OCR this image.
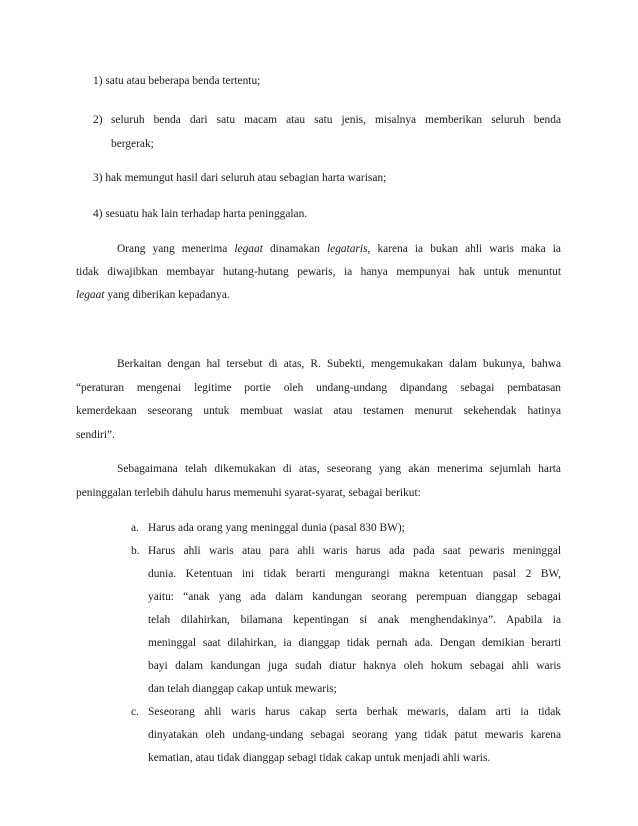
1) satu atau beberapa benda tertentu;
2) seluruh benda dari satu macam atau satu jenis, misalnya memberikan seluruh benda
bergerak;
3) hak memungut hasil dari seluruh atau sebagian harta warisan;
4) sesuatu hak lain terhadap harta peninggalan.
Orang yang menerima legaat dinamakan legataris, karena ia bukan ahli waris maka ia
tidak diwajibkan membayar hutang-hutang pewaris, ia hanya mempunyai hak untuk menuntut
legaat yang diberikan kepadanya.
Berkaitan dengan hal tersebut di atas, R. Subekti, mengemukakan dalam bukunya, bahwa
“peraturan mengenai legitime portie oleh undang-undang dipandang sebagai pembatasan
kemerdekaan seseorang untuk membuat wasiat atau testamen menurut sekehendak hatinya
sendiri”.
Sebagaimana telah dikemukakan di atas, seseorang yang akan menerima sejumlah harta
peninggalan terlebih dahulu harus memenuhi syarat-syarat, sebagai berikut:
a. Harus ada orang yang meninggal dunia (pasal 830 BW);
b. Harus ahli waris atau para ahli waris harus ada pada saat pewaris meninggal
dunia. Ketentuan ini tidak berarti mengurangi makna ketentuan pasal 2 BW,
yaitu: “anak yang ada dalam kandungan seorang perempuan dianggap sebagai
telah dilahirkan, bilamana kepentingan si anak menghendakinya”. Apabila ia
meninggal saat dilahirkan, ia dianggap tidak pernah ada. Dengan demikian berarti
bayi dalam kandungan juga sudah diatur haknya oleh hokum sebagai ahli waris
dan telah dianggap cakap untuk mewaris;
c. Seseorang ahli waris harus cakap serta berhak mewaris, dalam arti ia tidak
dinyatakan oleh undang-undang sebagai seorang yang tidak patut mewaris karena
kematian, atau tidak dianggap sebagi tidak cakap untuk menjadi ahli waris.
